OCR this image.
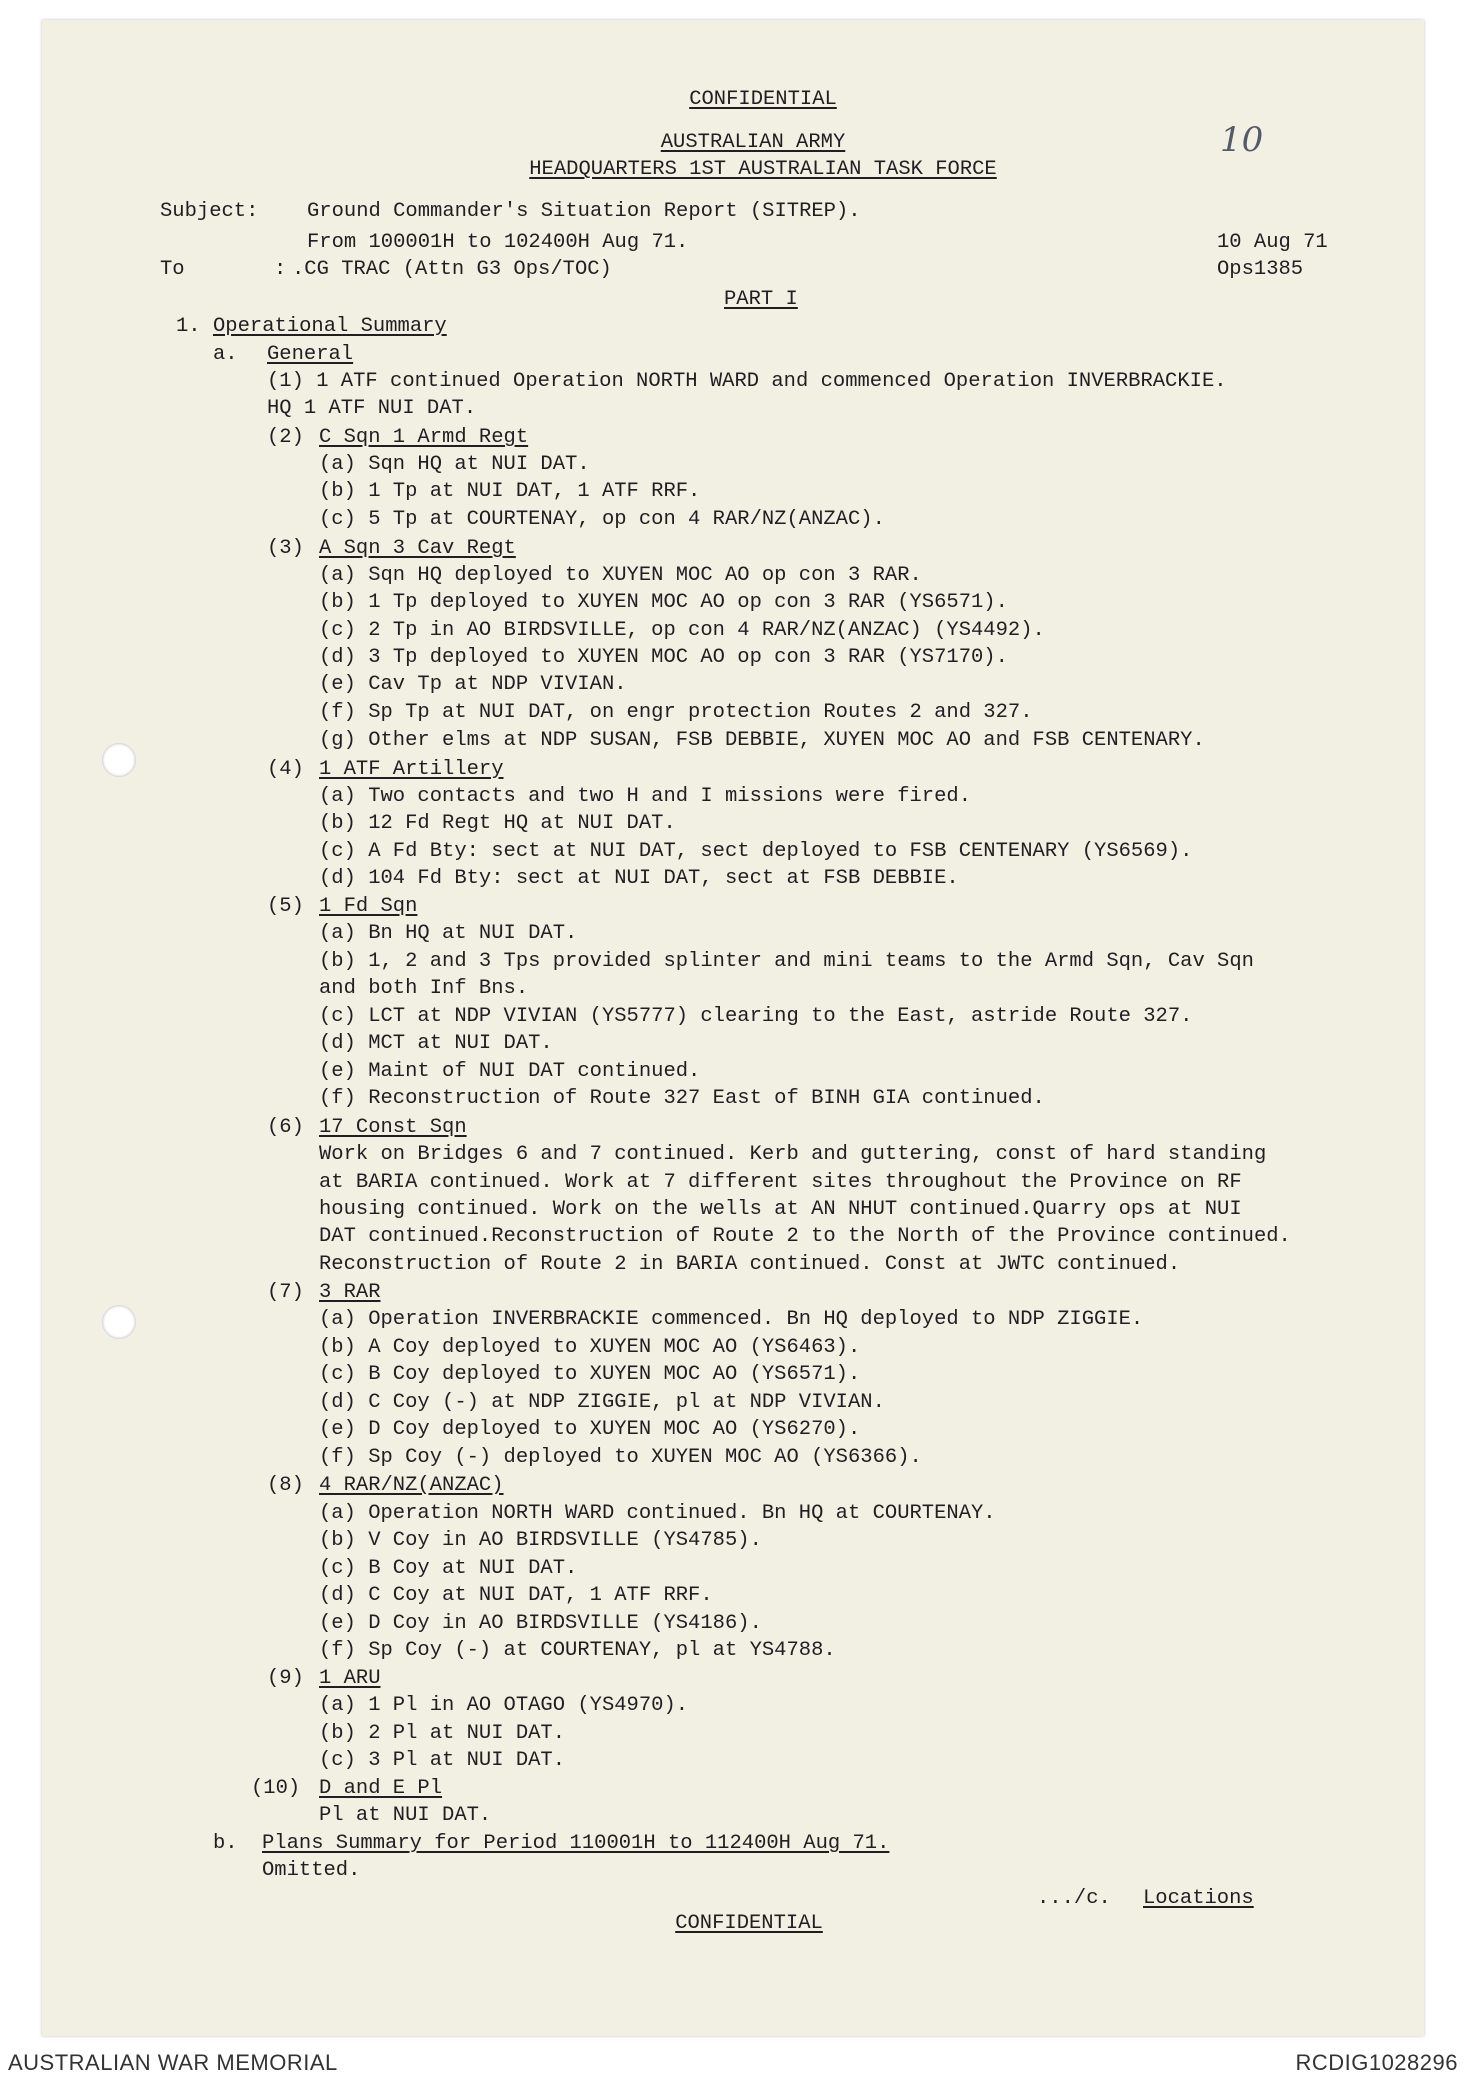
10
CONFIDENTIAL
AUSTRALIAN ARMY
HEADQUARTERS 1ST AUSTRALIAN TASK FORCE
Subject: Ground Commander's Situation Report (SITREP).
From 100001H to 102400H Aug 71.	10 Aug 71
To	: .CG TRAC (Attn G3 Ops/TOC)	Ops1385
PART I
1. Operational Summary
a. General
(1) 1 ATF continued Operation NORTH WARD and commenced Operation INVERBRACKIE.
HQ 1 ATF NUI DAT.
(2) C Sqn 1 Armd Regt
(a) Sqn HQ at NUI DAT.
(b) 1 Tp at NUI DAT, 1 ATF RRF.
(c) 5 Tp at COURTENAY, op con 4 RAR/NZ(ANZAC).
(3) A Sqn 3 Cav Regt
(a) Sqn HQ deployed to XUYEN MOC AO op con 3 RAR.
(b) 1 Tp deployed to XUYEN MOC AO op con 3 RAR (YS6571).
(c) 2 Tp in AO BIRDSVILLE, op con 4 RAR/NZ(ANZAC) (YS4492).
(d) 3 Tp deployed to XUYEN MOC AO op con 3 RAR (YS7170).
(e) Cav Tp at NDP VIVIAN.
(f) Sp Tp at NUI DAT, on engr protection Routes 2 and 327.
(g) Other elms at NDP SUSAN, FSB DEBBIE, XUYEN MOC AO and FSB CENTENARY.
(4) 1 ATF Artillery
(a) Two contacts and two H and I missions were fired.
(b) 12 Fd Regt HQ at NUI DAT.
(c) A Fd Bty: sect at NUI DAT, sect deployed to FSB CENTENARY (YS6569).
(d) 104 Fd Bty: sect at NUI DAT, sect at FSB DEBBIE.
(5) 1 Fd Sqn
(a) Bn HQ at NUI DAT.
(b) 1, 2 and 3 Tps provided splinter and mini teams to the Armd Sqn, Cav Sqn
and both Inf Bns.
(c) LCT at NDP VIVIAN (YS5777) clearing to the East, astride Route 327.
(d) MCT at NUI DAT.
(e) Maint of NUI DAT continued.
(f) Reconstruction of Route 327 East of BINH GIA continued.
(6) 17 Const Sqn
Work on Bridges 6 and 7 continued. Kerb and guttering, const of hard standing
at BARIA continued. Work at 7 different sites throughout the Province on RF
housing continued. Work on the wells at AN NHUT continued.Quarry ops at NUI
DAT continued.Reconstruction of Route 2 to the North of the Province continued.
Reconstruction of Route 2 in BARIA continued. Const at JWTC continued.
(7) 3 RAR
(a) Operation INVERBRACKIE commenced. Bn HQ deployed to NDP ZIGGIE.
(b) A Coy deployed to XUYEN MOC AO (YS6463).
(c) B Coy deployed to XUYEN MOC AO (YS6571).
(d) C Coy (-) at NDP ZIGGIE, pl at NDP VIVIAN.
(e) D Coy deployed to XUYEN MOC AO (YS6270).
(f) Sp Coy (-) deployed to XUYEN MOC AO (YS6366).
(8) 4 RAR/NZ(ANZAC)
(a) Operation NORTH WARD continued. Bn HQ at COURTENAY.
(b) V Coy in AO BIRDSVILLE (YS4785).
(c) B Coy at NUI DAT.
(d) C Coy at NUI DAT, 1 ATF RRF.
(e) D Coy in AO BIRDSVILLE (YS4186).
(f) Sp Coy (-) at COURTENAY, pl at YS4788.
(9) 1 ARU
(a) 1 Pl in AO OTAGO (YS4970).
(b) 2 Pl at NUI DAT.
(c) 3 Pl at NUI DAT.
(10) D and E Pl
Pl at NUI DAT.
b. Plans Summary for Period 110001H to 112400H Aug 71.
Omitted.
.../c. Locations
CONFIDENTIAL
AUSTRALIAN WAR MEMORIAL	RCDIG1028296
